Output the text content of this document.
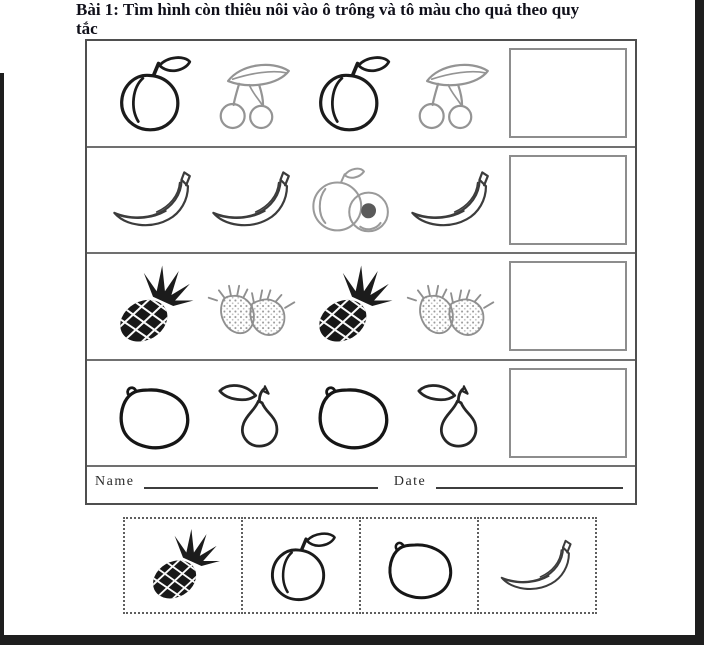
Bài 1: Tìm hình còn thiêu nôi vào ô trông và tô màu cho quả theo quy
tắc
Name	Date
